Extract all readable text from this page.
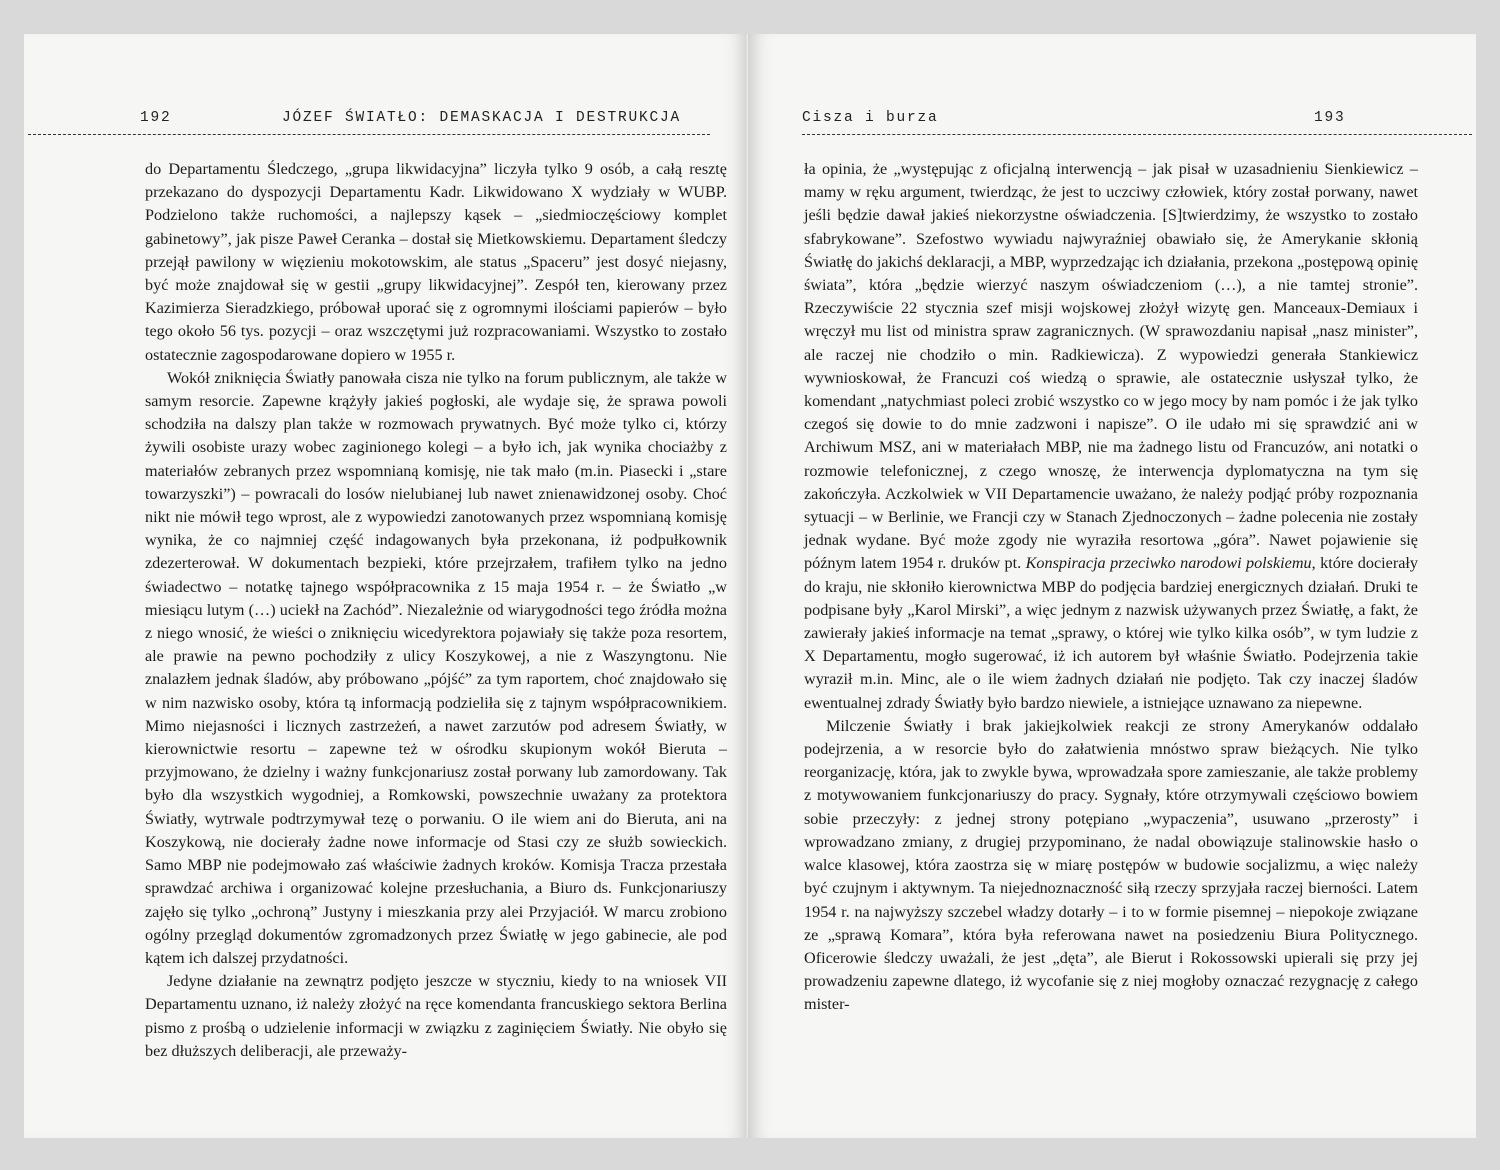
192	JÓZEF ŚWIATŁO: DEMASKACJA I DESTRUKCJA

do Departamentu Śledczego, „grupa likwidacyjna” liczyła tylko 9 osób, a całą resztę przekazano do dyspozycji Departamentu Kadr. Likwidowano X wydziały w WUBP. Podzielono także ruchomości, a najlepszy kąsek – „siedmioczęściowy komplet gabinetowy”, jak pisze Paweł Ceranka – dostał się Mietkowskiemu. Departament śledczy przejął pawilony w więzieniu mokotowskim, ale status „Spaceru” jest dosyć niejasny, być może znajdował się w gestii „grupy likwidacyjnej”. Zespół ten, kierowany przez Kazimierza Sieradzkiego, próbował uporać się z ogromnymi ilościami papierów – było tego około 56 tys. pozycji – oraz wszczętymi już rozpracowaniami. Wszystko to zostało ostatecznie zagospodarowane dopiero w 1955 r.

Wokół zniknięcia Światły panowała cisza nie tylko na forum publicznym, ale także w samym resorcie. Zapewne krążyły jakieś pogłoski, ale wydaje się, że sprawa powoli schodziła na dalszy plan także w rozmowach prywatnych. Być może tylko ci, którzy żywili osobiste urazy wobec zaginionego kolegi – a było ich, jak wynika chociażby z materiałów zebranych przez wspomnianą komisję, nie tak mało (m.in. Piasecki i „stare towarzyszki”) – powracali do losów nielubianej lub nawet znienawidzonej osoby. Choć nikt nie mówił tego wprost, ale z wypowiedzi zanotowanych przez wspomnianą komisję wynika, że co najmniej część indagowanych była przekonana, iż podpułkownik zdezerterował. W dokumentach bezpieki, które przejrzałem, trafiłem tylko na jedno świadectwo – notatkę tajnego współpracownika z 15 maja 1954 r. – że Światło „w miesiącu lutym (…) uciekł na Zachód”. Niezależnie od wiarygodności tego źródła można z niego wnosić, że wieści o zniknięciu wicedyrektora pojawiały się także poza resortem, ale prawie na pewno pochodziły z ulicy Koszykowej, a nie z Waszyngtonu. Nie znalazłem jednak śladów, aby próbowano „pójść” za tym raportem, choć znajdowało się w nim nazwisko osoby, która tą informacją podzieliła się z tajnym współpracownikiem. Mimo niejasności i licznych zastrzeżeń, a nawet zarzutów pod adresem Światły, w kierownictwie resortu – zapewne też w ośrodku skupionym wokół Bieruta – przyjmowano, że dzielny i ważny funkcjonariusz został porwany lub zamordowany. Tak było dla wszystkich wygodniej, a Romkowski, powszechnie uważany za protektora Światły, wytrwale podtrzymywał tezę o porwaniu. O ile wiem ani do Bieruta, ani na Koszykową, nie docierały żadne nowe informacje od Stasi czy ze służb sowieckich. Samo MBP nie podejmowało zaś właściwie żadnych kroków. Komisja Tracza przestała sprawdzać archiwa i organizować kolejne przesłuchania, a Biuro ds. Funkcjonariuszy zajęło się tylko „ochroną” Justyny i mieszkania przy alei Przyjaciół. W marcu zrobiono ogólny przegląd dokumentów zgromadzonych przez Światłę w jego gabinecie, ale pod kątem ich dalszej przydatności.

Jedyne działanie na zewnątrz podjęto jeszcze w styczniu, kiedy to na wniosek VII Departamentu uznano, iż należy złożyć na ręce komendanta francuskiego sektora Berlina pismo z prośbą o udzielenie informacji w związku z zaginięciem Światły. Nie obyło się bez dłuższych deliberacji, ale przeważy-

Cisza i burza	193

ła opinia, że „występując z oficjalną interwencją – jak pisał w uzasadnieniu Sienkiewicz – mamy w ręku argument, twierdząc, że jest to uczciwy człowiek, który został porwany, nawet jeśli będzie dawał jakieś niekorzystne oświadczenia. [S]twierdzimy, że wszystko to zostało sfabrykowane”. Szefostwo wywiadu najwyraźniej obawiało się, że Amerykanie skłonią Światłę do jakichś deklaracji, a MBP, wyprzedzając ich działania, przekona „postępową opinię świata”, która „będzie wierzyć naszym oświadczeniom (…), a nie tamtej stronie”. Rzeczywiście 22 stycznia szef misji wojskowej złożył wizytę gen. Manceaux-Demiaux i wręczył mu list od ministra spraw zagranicznych. (W sprawozdaniu napisał „nasz minister”, ale raczej nie chodziło o min. Radkiewicza). Z wypowiedzi generała Stankiewicz wywnioskował, że Francuzi coś wiedzą o sprawie, ale ostatecznie usłyszał tylko, że komendant „natychmiast poleci zrobić wszystko co w jego mocy by nam pomóc i że jak tylko czegoś się dowie to do mnie zadzwoni i napisze”. O ile udało mi się sprawdzić ani w Archiwum MSZ, ani w materiałach MBP, nie ma żadnego listu od Francuzów, ani notatki o rozmowie telefonicznej, z czego wnoszę, że interwencja dyplomatyczna na tym się zakończyła. Aczkolwiek w VII Departamencie uważano, że należy podjąć próby rozpoznania sytuacji – w Berlinie, we Francji czy w Stanach Zjednoczonych – żadne polecenia nie zostały jednak wydane. Być może zgody nie wyraziła resortowa „góra”. Nawet pojawienie się późnym latem 1954 r. druków pt. Konspiracja przeciwko narodowi polskiemu, które docierały do kraju, nie skłoniło kierownictwa MBP do podjęcia bardziej energicznych działań. Druki te podpisane były „Karol Mirski”, a więc jednym z nazwisk używanych przez Światłę, a fakt, że zawierały jakieś informacje na temat „sprawy, o której wie tylko kilka osób”, w tym ludzie z X Departamentu, mogło sugerować, iż ich autorem był właśnie Światło. Podejrzenia takie wyraził m.in. Minc, ale o ile wiem żadnych działań nie podjęto. Tak czy inaczej śladów ewentualnej zdrady Światły było bardzo niewiele, a istniejące uznawano za niepewne.

Milczenie Światły i brak jakiejkolwiek reakcji ze strony Amerykanów oddalało podejrzenia, a w resorcie było do załatwienia mnóstwo spraw bieżących. Nie tylko reorganizację, która, jak to zwykle bywa, wprowadzała spore zamieszanie, ale także problemy z motywowaniem funkcjonariuszy do pracy. Sygnały, które otrzymywali częściowo bowiem sobie przeczyły: z jednej strony potępiano „wypaczenia”, usuwano „przerosty” i wprowadzano zmiany, z drugiej przypominano, że nadal obowiązuje stalinowskie hasło o walce klasowej, która zaostrza się w miarę postępów w budowie socjalizmu, a więc należy być czujnym i aktywnym. Ta niejednoznaczność siłą rzeczy sprzyjała raczej bierności. Latem 1954 r. na najwyższy szczebel władzy dotarły – i to w formie pisemnej – niepokoje związane ze „sprawą Komara”, która była referowana nawet na posiedzeniu Biura Politycznego. Oficerowie śledczy uważali, że jest „dęta”, ale Bierut i Rokossowski upierali się przy jej prowadzeniu zapewne dlatego, iż wycofanie się z niej mogłoby oznaczać rezygnację z całego mister-
